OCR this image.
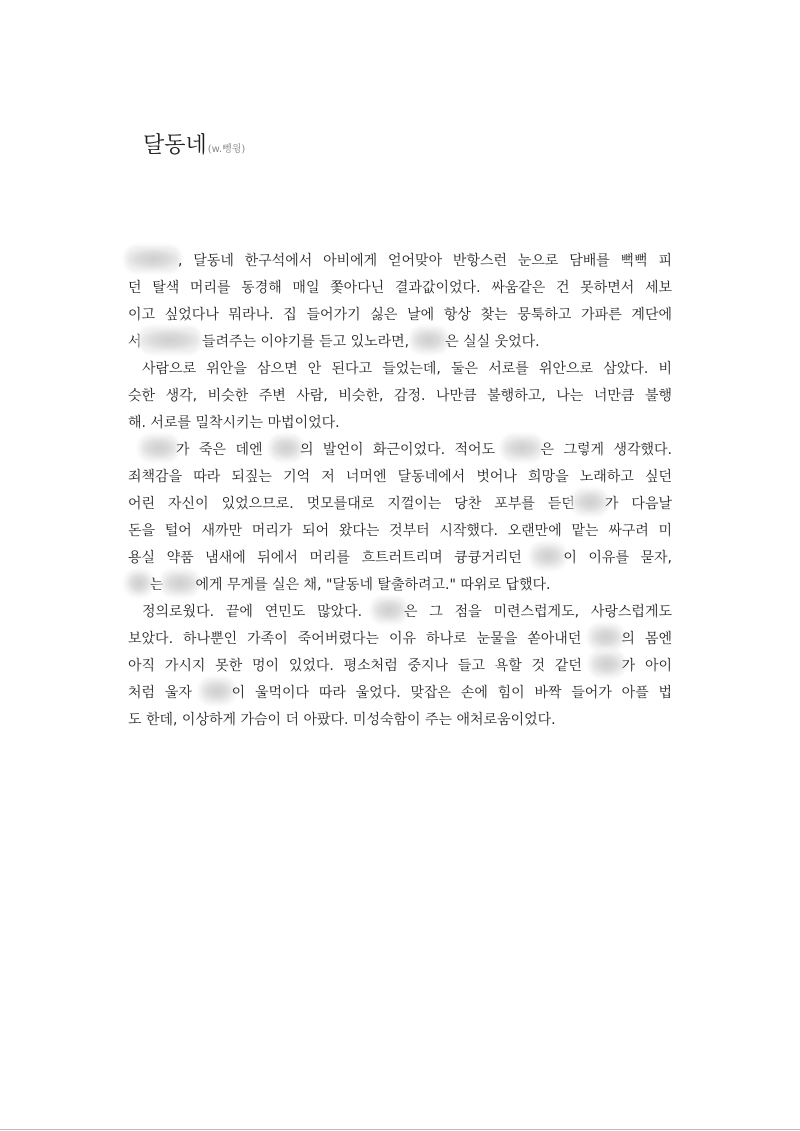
달동네(w.뼁윙)
, 달동네 한구석에서 아비에게 얻어맞아 반항스런 눈으로 담배를 뻑뻑 피
던 탈색 머리를 동경해 매일 쫓아다닌 결과값이었다. 싸움같은 건 못하면서 세보
이고 싶었다나 뭐라나. 집 들어가기 싫은 날에 항상 찾는 뭉툭하고 가파른 계단에
서	들려주는 이야기를 듣고 있노라면,	은 실실 웃었다.
사람으로 위안을 삼으면 안 된다고 들었는데, 둘은 서로를 위안으로 삼았다. 비
슷한 생각, 비슷한 주변 사람, 비슷한, 감정. 나만큼 불행하고, 나는 너만큼 불행
해. 서로를 밀착시키는 마법이었다.
가 죽은 데엔	의 발언이 화근이었다. 적어도	은 그렇게 생각했다.
죄책감을 따라 되짚는 기억 저 너머엔 달동네에서 벗어나 희망을 노래하고 싶던
어린 자신이 있었으므로. 멋모를대로 지껄이는 당찬 포부를 듣던 가 다음날
돈을 털어 새까만 머리가 되어 왔다는 것부터 시작했다. 오랜만에 맡는 싸구려 미
용실 약품 냄새에 뒤에서 머리를 흐트러트리며 큥큥거리던	이 이유를 묻자,
는 에게 무게를 실은 채, "달동네 탈출하려고." 따위로 답했다.
정의로웠다. 끝에 연민도 많았다.	은 그 점을 미련스럽게도, 사랑스럽게도
보았다. 하나뿐인 가족이 죽어버렸다는 이유 하나로 눈물을 쏟아내던	의 몸엔
아직 가시지 못한 멍이 있었다. 평소처럼 중지나 들고 욕할 것 같던	가 아이
처럼 울자	이 울먹이다 따라 울었다. 맞잡은 손에 힘이 바짝 들어가 아플 법
도 한데, 이상하게 가슴이 더 아팠다. 미성숙함이 주는 애처로움이었다.
